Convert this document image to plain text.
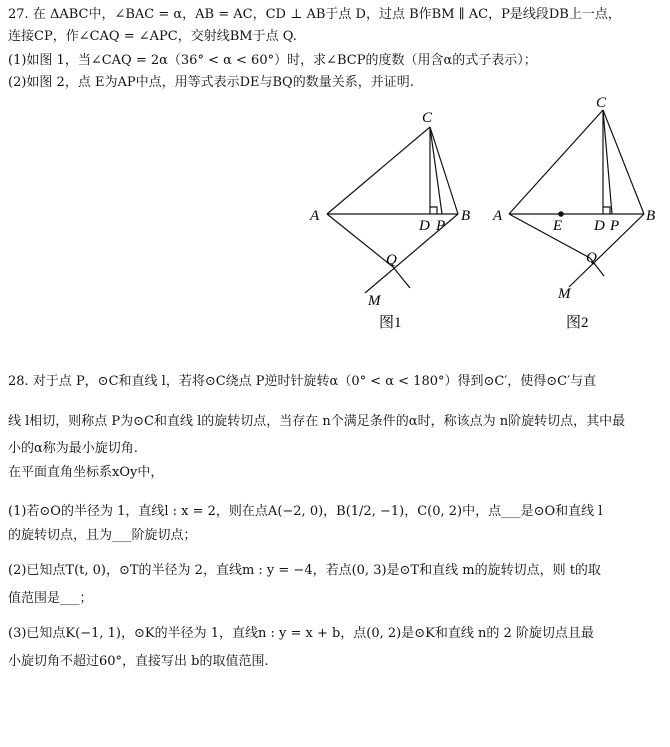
27. 在 ΔABC中，∠BAC = α，AB = AC，CD ⊥ AB于点 D，过点 B作BM ∥ AC，P是线段DB上一点，
连接CP，作∠CAQ = ∠APC，交射线BM于点 Q.
(1)如图 1，当∠CAQ = 2α（36° < α < 60°）时，求∠BCP的度数（用含α的式子表示）；
(2)如图 2，点 E为AP中点，用等式表示DE与BQ的数量关系，并证明.
A	B
C
D P
Q
M
图1
A	B
C
E D P
Q
M
图2
28. 对于点 P，⊙C和直线 l，若将⊙C绕点 P逆时针旋转α（0° < α < 180°）得到⊙C′，使得⊙C′与直
线 l相切，则称点 P为⊙C和直线 l的旋转切点，当存在 n个满足条件的α时，称该点为 n阶旋转切点，其中最
小的α称为最小旋切角.
在平面直角坐标系xOy中，
(1)若⊙O的半径为 1，直线l : x = 2，则在点A(−2, 0)，B(1/2, −1)，C(0, 2)中，点___是⊙O和直线 l
的旋转切点，且为___阶旋切点；
(2)已知点T(t, 0)，⊙T的半径为 2，直线m : y = −4，若点(0, 3)是⊙T和直线 m的旋转切点，则 t的取
值范围是___；
(3)已知点K(−1, 1)，⊙K的半径为 1，直线n : y = x + b，点(0, 2)是⊙K和直线 n的 2 阶旋切点且最
小旋切角不超过60°，直接写出 b的取值范围.
